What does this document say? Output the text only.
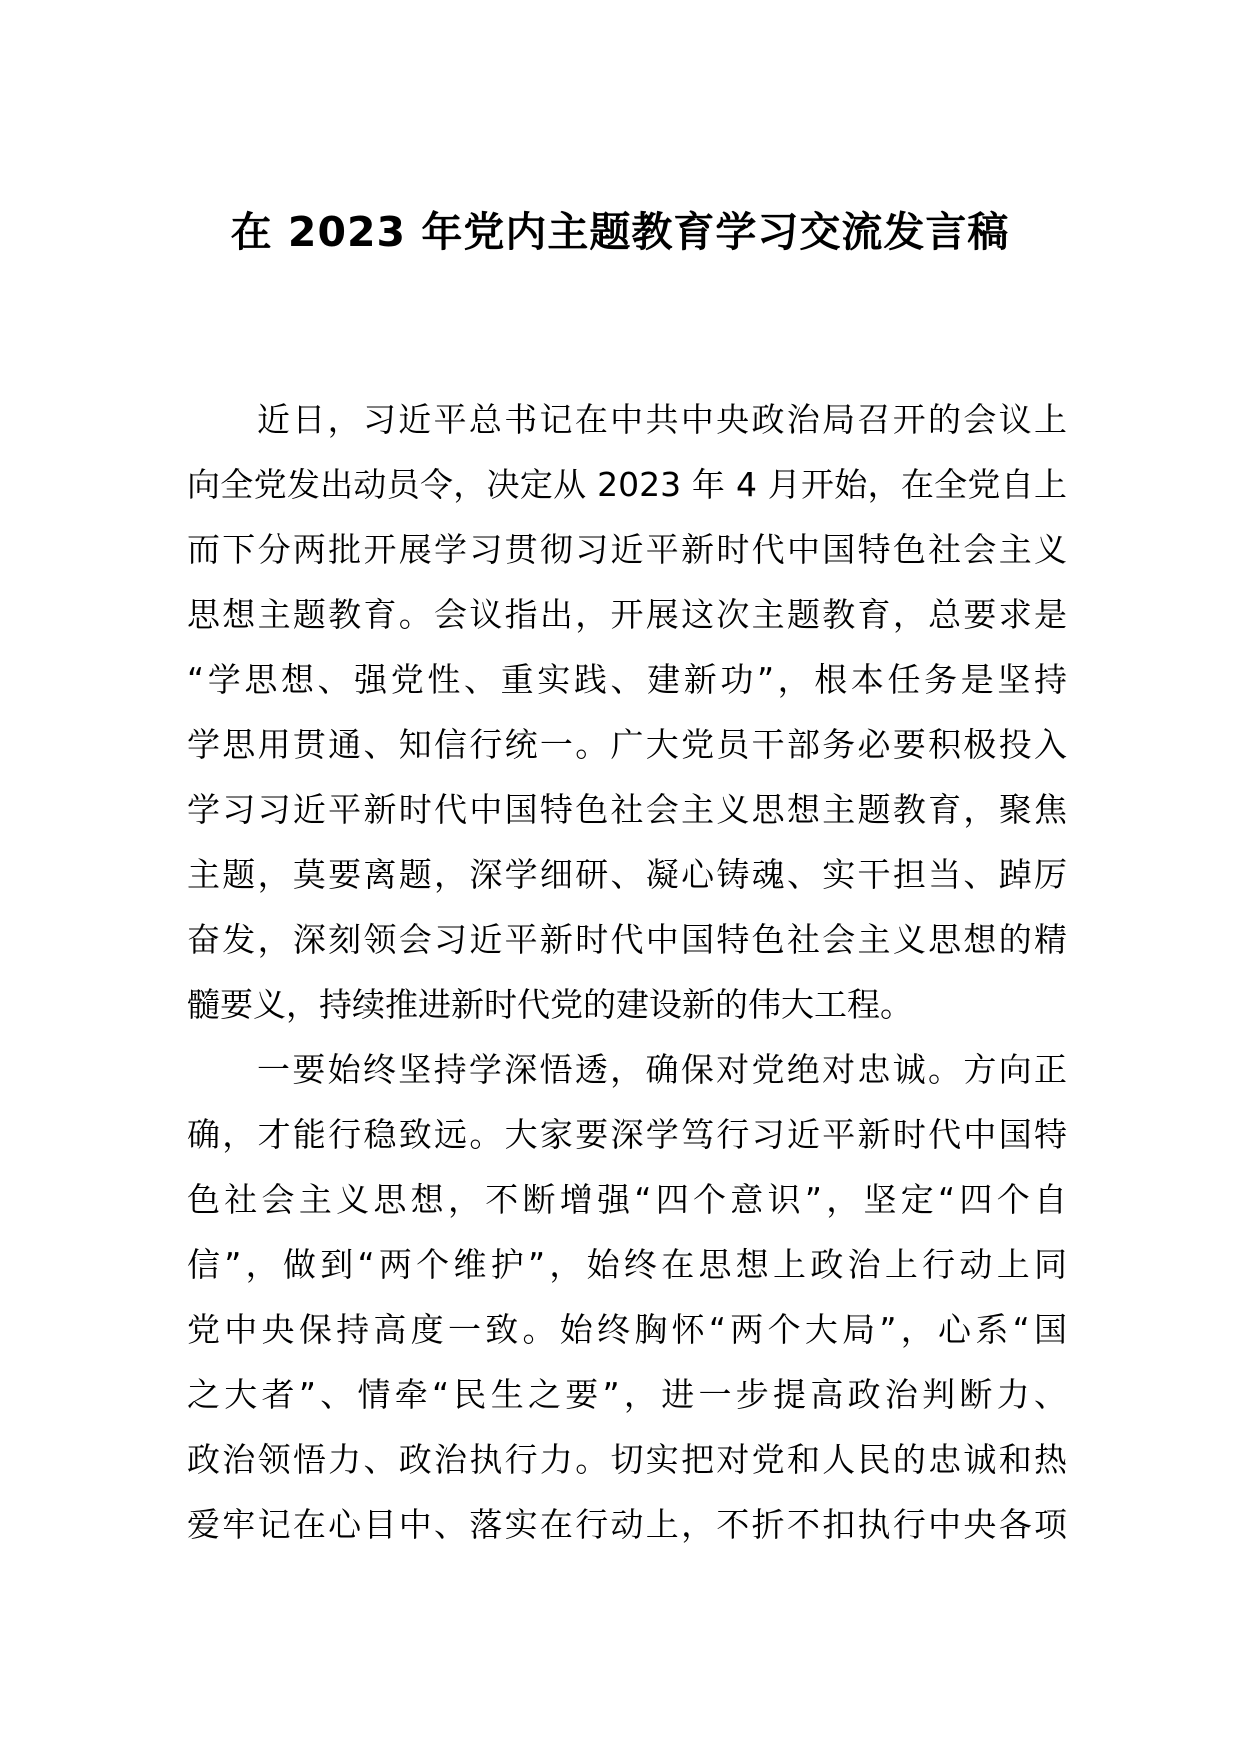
在 2023 年党内主题教育学习交流发言稿
近日，习近平总书记在中共中央政治局召开的会议上
向全党发出动员令，决定从 2023 年 4 月开始，在全党自上
而下分两批开展学习贯彻习近平新时代中国特色社会主义
思想主题教育。会议指出，开展这次主题教育，总要求是
“学思想、强党性、重实践、建新功”，根本任务是坚持
学思用贯通、知信行统一。广大党员干部务必要积极投入
学习习近平新时代中国特色社会主义思想主题教育，聚焦
主题，莫要离题，深学细研、凝心铸魂、实干担当、踔厉
奋发，深刻领会习近平新时代中国特色社会主义思想的精
髓要义，持续推进新时代党的建设新的伟大工程。
一要始终坚持学深悟透，确保对党绝对忠诚。方向正
确，才能行稳致远。大家要深学笃行习近平新时代中国特
色社会主义思想，不断增强“四个意识”，坚定“四个自
信”，做到“两个维护”，始终在思想上政治上行动上同
党中央保持高度一致。始终胸怀“两个大局”，心系“国
之大者”、情牵“民生之要”，进一步提高政治判断力、
政治领悟力、政治执行力。切实把对党和人民的忠诚和热
爱牢记在心目中、落实在行动上，不折不扣执行中央各项
